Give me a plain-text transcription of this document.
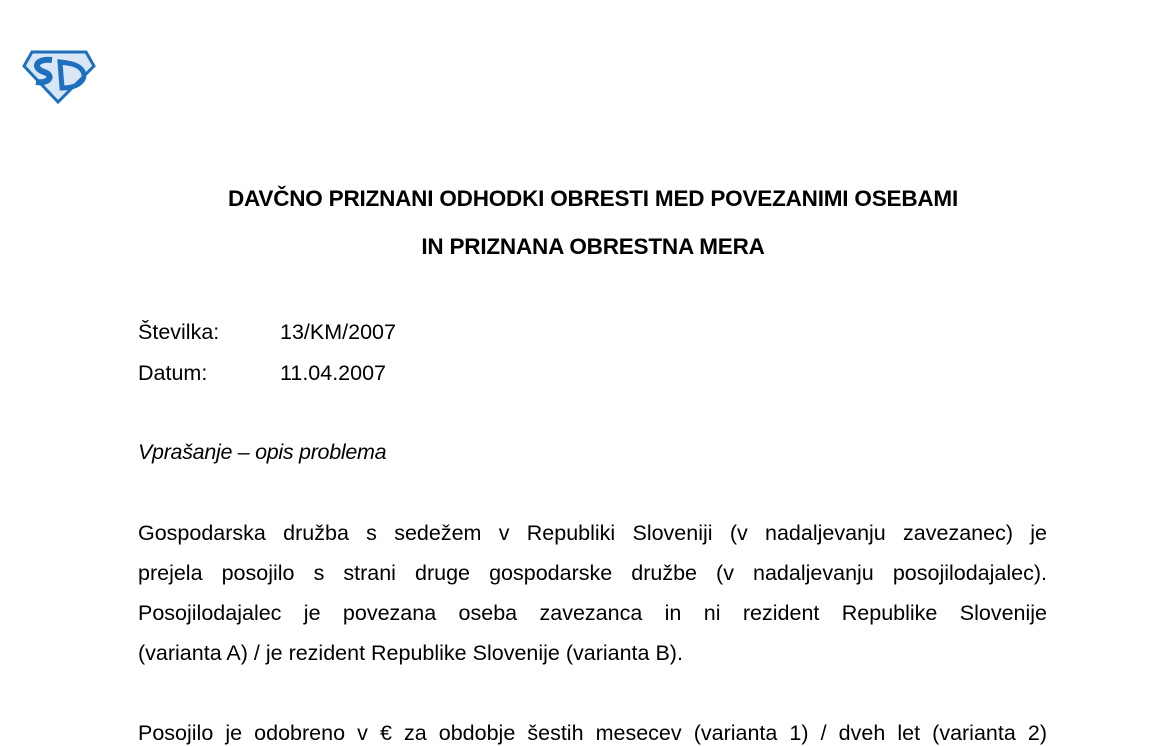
DAVČNO PRIZNANI ODHODKI OBRESTI MED POVEZANIMI OSEBAMI
IN PRIZNANA OBRESTNA MERA
Številka:	13/KM/2007
Datum:	11.04.2007
Vprašanje – opis problema
Gospodarska družba s sedežem v Republiki Sloveniji (v nadaljevanju zavezanec) je
prejela posojilo s strani druge gospodarske družbe (v nadaljevanju posojilodajalec).
Posojilodajalec je povezana oseba zavezanca in ni rezident Republike Slovenije
(varianta A) / je rezident Republike Slovenije (varianta B).
Posojilo je odobreno v € za obdobje šestih mesecev (varianta 1) / dveh let (varianta 2)
